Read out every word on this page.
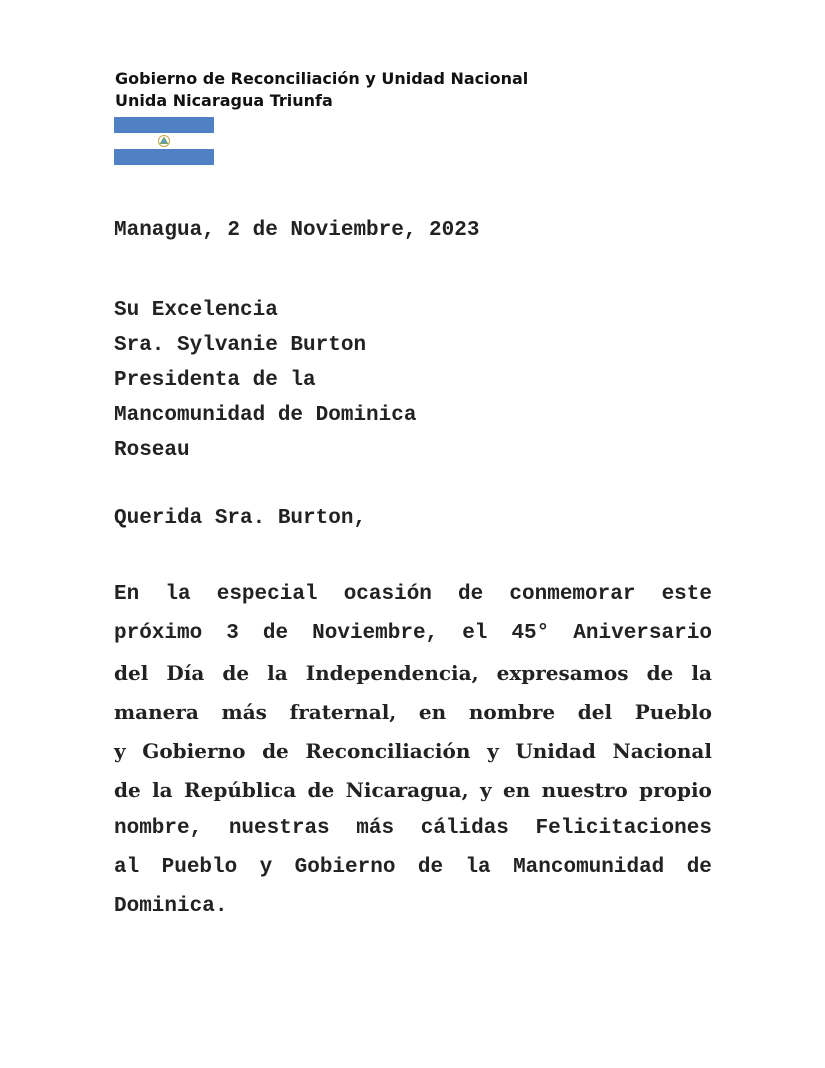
Gobierno de Reconciliación y Unidad Nacional
Unida Nicaragua Triunfa
Managua, 2 de Noviembre, 2023
Su Excelencia
Sra. Sylvanie Burton
Presidenta de la
Mancomunidad de Dominica
Roseau
Querida Sra. Burton,
En la especial ocasión de conmemorar este
próximo 3 de Noviembre, el 45° Aniversario
del Día de la Independencia, expresamos de la
manera más fraternal, en nombre del Pueblo
y Gobierno de Reconciliación y Unidad Nacional
de la República de Nicaragua, y en nuestro propio
nombre, nuestras más cálidas Felicitaciones
al Pueblo y Gobierno de la Mancomunidad de
Dominica.
